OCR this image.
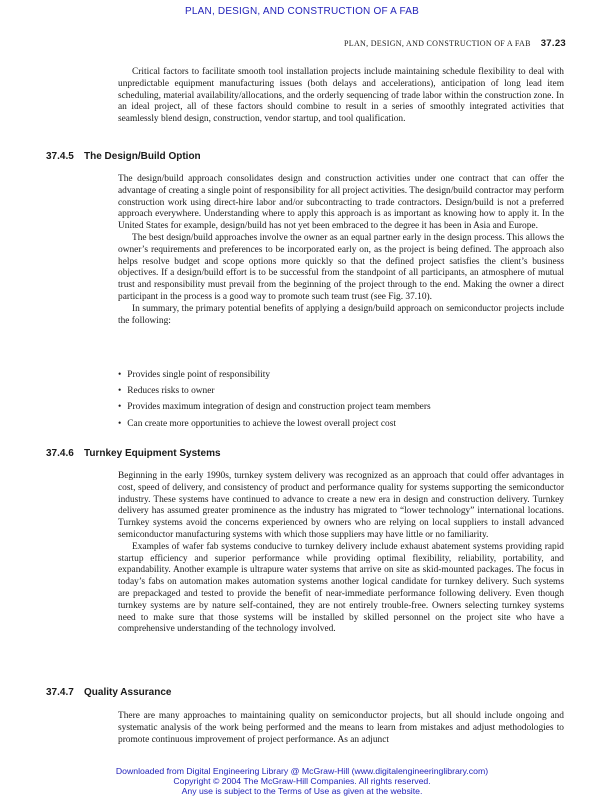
PLAN, DESIGN, AND CONSTRUCTION OF A FAB
PLAN, DESIGN, AND CONSTRUCTION OF A FAB 37.23

Critical factors to facilitate smooth tool installation projects include maintaining schedule flexibility to deal with unpredictable equipment manufacturing issues (both delays and accelerations), anticipation of long lead item scheduling, material availability/allocations, and the orderly sequencing of trade labor within the construction zone. In an ideal project, all of these factors should combine to result in a series of smoothly integrated activities that seamlessly blend design, construction, vendor startup, and tool qualification.

37.4.5 The Design/Build Option

The design/build approach consolidates design and construction activities under one contract that can offer the advantage of creating a single point of responsibility for all project activities. The design/build contractor may perform construction work using direct-hire labor and/or subcontracting to trade contractors. Design/build is not a preferred approach everywhere. Understanding where to apply this approach is as important as knowing how to apply it. In the United States for example, design/build has not yet been embraced to the degree it has been in Asia and Europe.

The best design/build approaches involve the owner as an equal partner early in the design process. This allows the owner’s requirements and preferences to be incorporated early on, as the project is being defined. The approach also helps resolve budget and scope options more quickly so that the defined project satisfies the client’s business objectives. If a design/build effort is to be successful from the standpoint of all participants, an atmosphere of mutual trust and responsibility must prevail from the beginning of the project through to the end. Making the owner a direct participant in the process is a good way to promote such team trust (see Fig. 37.10).

In summary, the primary potential benefits of applying a design/build approach on semiconductor projects include the following:

• Provides single point of responsibility
• Reduces risks to owner
• Provides maximum integration of design and construction project team members
• Can create more opportunities to achieve the lowest overall project cost
37.4.6 Turnkey Equipment Systems

Beginning in the early 1990s, turnkey system delivery was recognized as an approach that could offer advantages in cost, speed of delivery, and consistency of product and performance quality for systems supporting the semiconductor industry. These systems have continued to advance to create a new era in design and construction delivery. Turnkey delivery has assumed greater prominence as the industry has migrated to “lower technology” international locations. Turnkey systems avoid the concerns experienced by owners who are relying on local suppliers to install advanced semiconductor manufacturing systems with which those suppliers may have little or no familiarity.

Examples of wafer fab systems conducive to turnkey delivery include exhaust abatement systems providing rapid startup efficiency and superior performance while providing optimal flexibility, reliability, portability, and expandability. Another example is ultrapure water systems that arrive on site as skid-mounted packages. The focus in today’s fabs on automation makes automation systems another logical candidate for turnkey delivery. Such systems are prepackaged and tested to provide the benefit of near-immediate performance following delivery. Even though turnkey systems are by nature self-contained, they are not entirely trouble-free. Owners selecting turnkey systems need to make sure that those systems will be installed by skilled personnel on the project site who have a comprehensive understanding of the technology involved.

37.4.7 Quality Assurance

There are many approaches to maintaining quality on semiconductor projects, but all should include ongoing and systematic analysis of the work being performed and the means to learn from mistakes and adjust methodologies to promote continuous improvement of project performance. As an adjunct

Downloaded from Digital Engineering Library @ McGraw-Hill (www.digitalengineeringlibrary.com)
Copyright © 2004 The McGraw-Hill Companies. All rights reserved.
Any use is subject to the Terms of Use as given at the website.
